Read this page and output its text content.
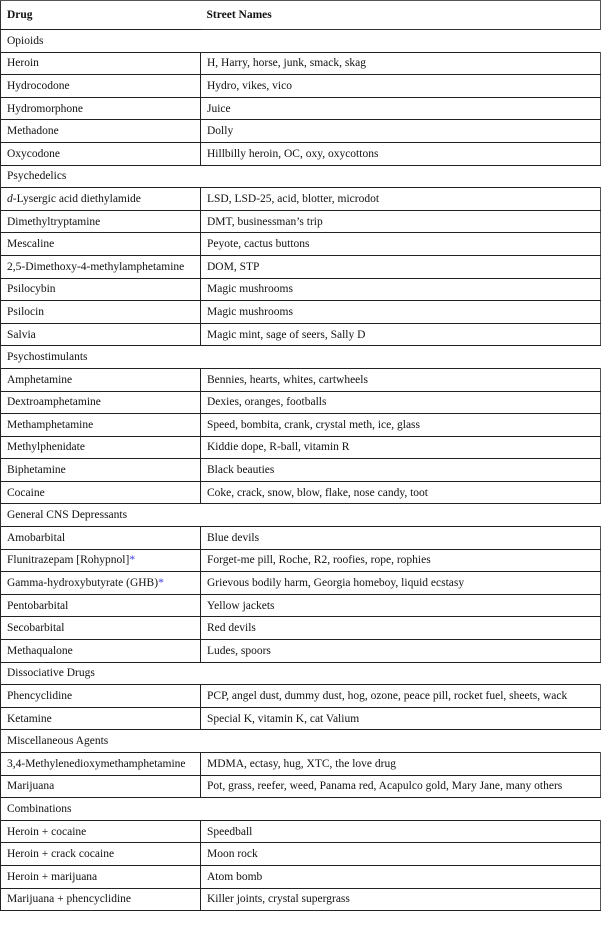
Drug	Street Names
Opioids	
Heroin	H, Harry, horse, junk, smack, skag
Hydrocodone	Hydro, vikes, vico
Hydromorphone	Juice
Methadone	Dolly
Oxycodone	Hillbilly heroin, OC, oxy, oxycottons
Psychedelics	
d-Lysergic acid diethylamide	LSD, LSD-25, acid, blotter, microdot
Dimethyltryptamine	DMT, businessman’s trip
Mescaline	Peyote, cactus buttons
2,5-Dimethoxy-4-methylamphetamine	DOM, STP
Psilocybin	Magic mushrooms
Psilocin	Magic mushrooms
Salvia	Magic mint, sage of seers, Sally D
Psychostimulants	
Amphetamine	Bennies, hearts, whites, cartwheels
Dextroamphetamine	Dexies, oranges, footballs
Methamphetamine	Speed, bombita, crank, crystal meth, ice, glass
Methylphenidate	Kiddie dope, R-ball, vitamin R
Biphetamine	Black beauties
Cocaine	Coke, crack, snow, blow, flake, nose candy, toot
General CNS Depressants	
Amobarbital	Blue devils
Flunitrazepam [Rohypnol]*	Forget-me pill, Roche, R2, roofies, rope, rophies
Gamma-hydroxybutyrate (GHB)*	Grievous bodily harm, Georgia homeboy, liquid ecstasy
Pentobarbital	Yellow jackets
Secobarbital	Red devils
Methaqualone	Ludes, spoors
Dissociative Drugs	
Phencyclidine	PCP, angel dust, dummy dust, hog, ozone, peace pill, rocket fuel, sheets, wack
Ketamine	Special K, vitamin K, cat Valium
Miscellaneous Agents	
3,4-Methylenedioxymethamphetamine	MDMA, ectasy, hug, XTC, the love drug
Marijuana	Pot, grass, reefer, weed, Panama red, Acapulco gold, Mary Jane, many others
Combinations	
Heroin + cocaine	Speedball
Heroin + crack cocaine	Moon rock
Heroin + marijuana	Atom bomb
Marijuana + phencyclidine	Killer joints, crystal supergrass
